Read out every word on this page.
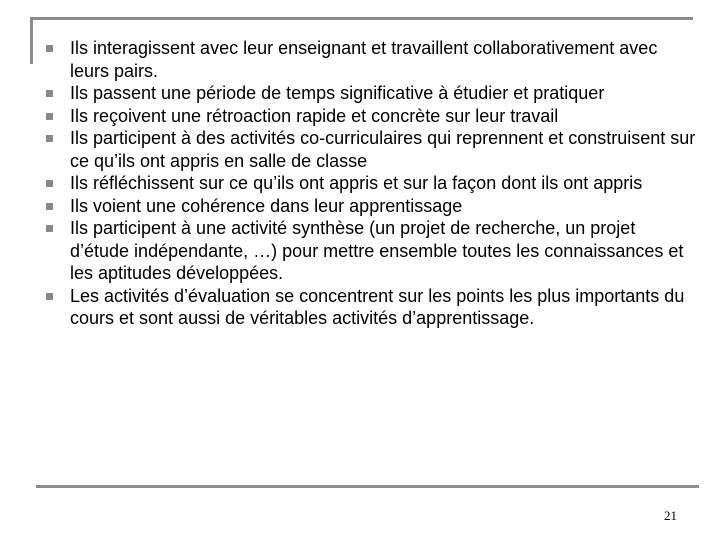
Ils interagissent avec leur enseignant et travaillent collaborativement avec leurs pairs.
Ils passent une période de temps significative à étudier et pratiquer
Ils reçoivent une rétroaction rapide et concrète sur leur travail
Ils participent à des activités co-curriculaires qui reprennent et construisent sur ce qu’ils ont appris en salle de classe
Ils réfléchissent sur ce qu’ils ont appris et sur la façon dont ils ont appris
Ils voient une cohérence dans leur apprentissage
Ils participent à une activité synthèse (un projet de recherche, un projet d’étude indépendante, …) pour mettre ensemble toutes les connaissances et les aptitudes développées.
Les activités d’évaluation se concentrent sur les points les plus importants du cours et sont aussi de véritables activités d’apprentissage.
21
